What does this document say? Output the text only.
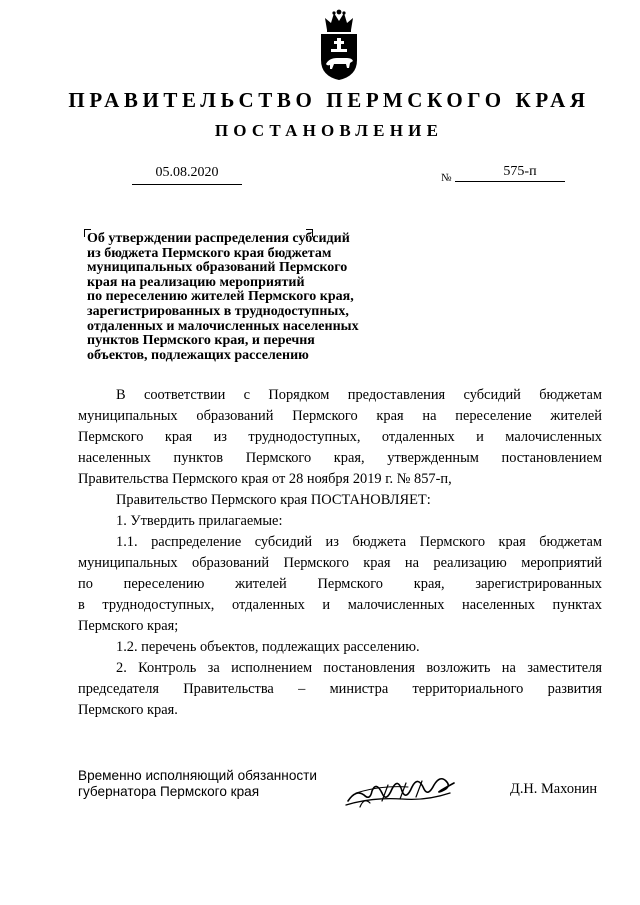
ПРАВИТЕЛЬСТВО ПЕРМСКОГО КРАЯ
ПОСТАНОВЛЕНИЕ
05.08.2020	№	575-п
Об утверждении распределения субсидий
из бюджета Пермского края бюджетам
муниципальных образований Пермского
края на реализацию мероприятий
по переселению жителей Пермского края,
зарегистрированных в труднодоступных,
отдаленных и малочисленных населенных
пунктов Пермского края, и перечня
объектов, подлежащих расселению
В соответствии с Порядком предоставления субсидий бюджетам
муниципальных образований Пермского края на переселение жителей
Пермского края из труднодоступных, отдаленных и малочисленных
населенных пунктов Пермского края, утвержденным постановлением
Правительства Пермского края от 28 ноября 2019 г. № 857-п,
Правительство Пермского края ПОСТАНОВЛЯЕТ:
1. Утвердить прилагаемые:
1.1. распределение субсидий из бюджета Пермского края бюджетам
муниципальных образований Пермского края на реализацию мероприятий
по переселению жителей Пермского края, зарегистрированных
в труднодоступных, отдаленных и малочисленных населенных пунктах
Пермского края;
1.2. перечень объектов, подлежащих расселению.
2. Контроль за исполнением постановления возложить на заместителя
председателя Правительства – министра территориального развития
Пермского края.
Временно исполняющий обязанности
губернатора Пермского края	Д.Н. Махонин
